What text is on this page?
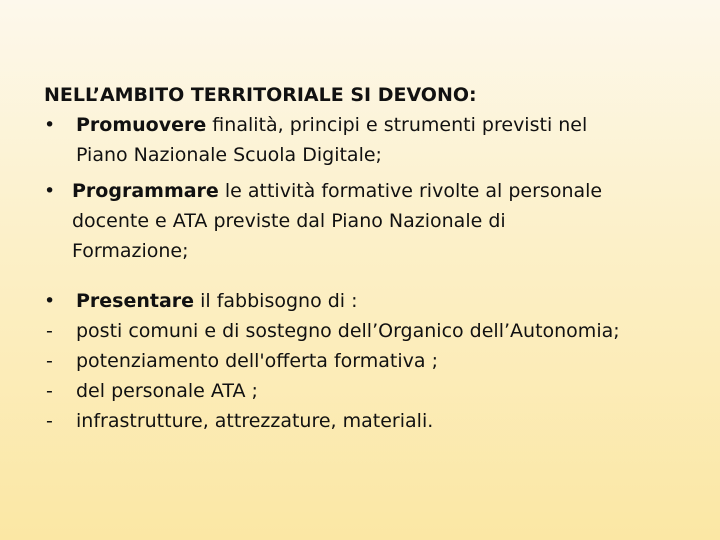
NELL’AMBITO TERRITORIALE SI DEVONO:
• Promuovere finalità, principi e strumenti previsti nel
Piano Nazionale Scuola Digitale;
• Programmare le attività formative rivolte al personale
docente e ATA previste dal Piano Nazionale di
Formazione;
• Presentare il fabbisogno di :
- posti comuni e di sostegno dell’Organico dell’Autonomia;
- potenziamento dell'offerta formativa ;
- del personale ATA ;
- infrastrutture, attrezzature, materiali.
